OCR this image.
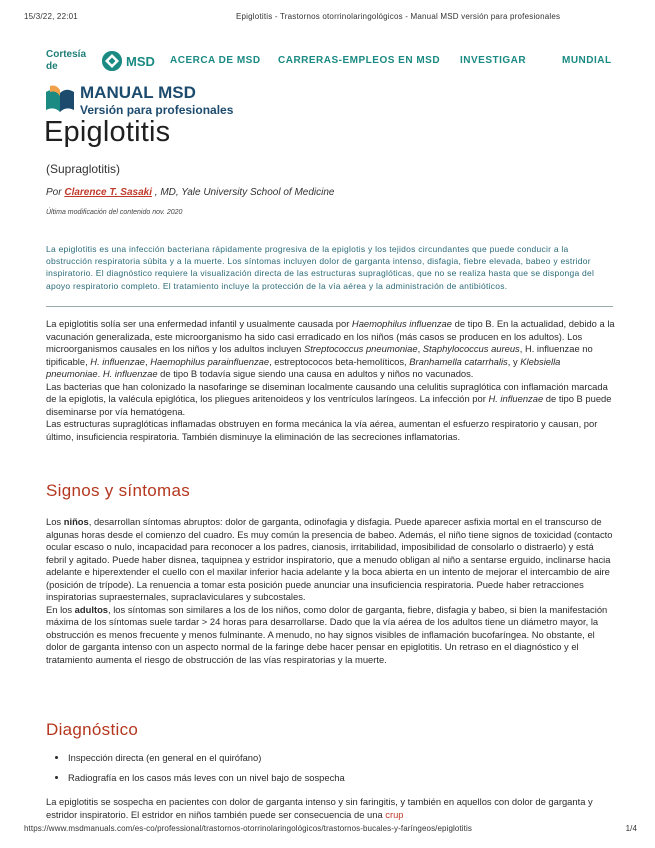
15/3/22, 22:01	Epiglotitis - Trastornos otorrinolaringológicos - Manual MSD versión para profesionales
Cortesía de	MSD ACERCA DE MSD CARRERAS-EMPLEOS EN MSD INVESTIGAR	MUNDIAL
MANUAL MSD
Versión para profesionales
Epiglotitis
(Supraglotitis)
Por Clarence T. Sasaki , MD, Yale University School of Medicine
Última modificación del contenido nov. 2020
La epiglotitis es una infección bacteriana rápidamente progresiva de la epiglotis y los tejidos circundantes que puede conducir a la obstrucción respiratoria súbita y a la muerte. Los síntomas incluyen dolor de garganta intenso, disfagia, fiebre elevada, babeo y estridor inspiratorio. El diagnóstico requiere la visualización directa de las estructuras supraglóticas, que no se realiza hasta que se disponga del apoyo respiratorio completo. El tratamiento incluye la protección de la vía aérea y la administración de antibióticos.

La epiglotitis solía ser una enfermedad infantil y usualmente causada por Haemophilus influenzae de tipo B. En la actualidad, debido a la vacunación generalizada, este microorganismo ha sido casi erradicado en los niños (más casos se producen en los adultos). Los microorganismos causales en los niños y los adultos incluyen Streptococcus pneumoniae, Staphylococcus aureus, H. influenzae no tipificable, H. influenzae, Haemophilus parainfluenzae, estreptococos beta-hemolíticos, Branhamella catarrhalis, y Klebsiella pneumoniae. H. influenzae de tipo B todavía sigue siendo una causa en adultos y niños no vacunados.

Las bacterias que han colonizado la nasofaringe se diseminan localmente causando una celulitis supraglótica con inflamación marcada de la epiglotis, la valécula epiglótica, los pliegues aritenoideos y los ventrículos laríngeos. La infección por H. influenzae de tipo B puede diseminarse por vía hematógena.

Las estructuras supraglóticas inflamadas obstruyen en forma mecánica la vía aérea, aumentan el esfuerzo respiratorio y causan, por último, insuficiencia respiratoria. También disminuye la eliminación de las secreciones inflamatorias.

Signos y síntomas

Los niños, desarrollan síntomas abruptos: dolor de garganta, odinofagia y disfagia. Puede aparecer asfixia mortal en el transcurso de algunas horas desde el comienzo del cuadro. Es muy común la presencia de babeo. Además, el niño tiene signos de toxicidad (contacto ocular escaso o nulo, incapacidad para reconocer a los padres, cianosis, irritabilidad, imposibilidad de consolarlo o distraerlo) y está febril y agitado. Puede haber disnea, taquipnea y estridor inspiratorio, que a menudo obligan al niño a sentarse erguido, inclinarse hacia adelante e hiperextender el cuello con el maxilar inferior hacia adelante y la boca abierta en un intento de mejorar el intercambio de aire (posición de trípode). La renuencia a tomar esta posición puede anunciar una insuficiencia respiratoria. Puede haber retracciones inspiratorias supraesternales, supraclaviculares y subcostales.

En los adultos, los síntomas son similares a los de los niños, como dolor de garganta, fiebre, disfagia y babeo, si bien la manifestación máxima de los síntomas suele tardar > 24 horas para desarrollarse. Dado que la vía aérea de los adultos tiene un diámetro mayor, la obstrucción es menos frecuente y menos fulminante. A menudo, no hay signos visibles de inflamación bucofaríngea. No obstante, el dolor de garganta intenso con un aspecto normal de la faringe debe hacer pensar en epiglotitis. Un retraso en el diagnóstico y el tratamiento aumenta el riesgo de obstrucción de las vías respiratorias y la muerte.

Diagnóstico
• Inspección directa (en general en el quirófano)
• Radiografía en los casos más leves con un nivel bajo de sospecha
La epiglotitis se sospecha en pacientes con dolor de garganta intenso y sin faringitis, y también en aquellos con dolor de garganta y estridor inspiratorio. El estridor en niños también puede ser consecuencia de una crup
https://www.msdmanuals.com/es-co/professional/trastornos-otorrinolaringológicos/trastornos-bucales-y-faríngeos/epiglotitis	1/4
